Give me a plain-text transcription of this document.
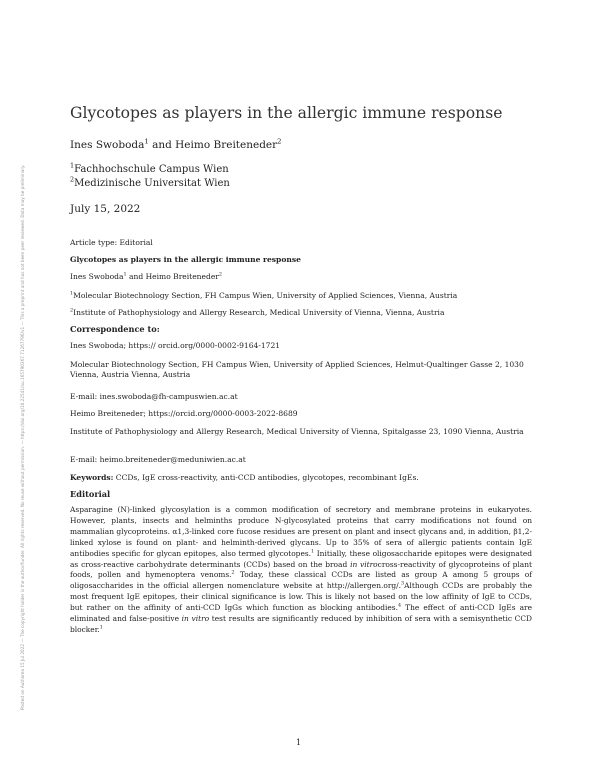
Posted on Authorea 15 Jul 2022 — The copyright holder is the author/funder. All rights reserved. No reuse without permission. — https://doi.org/10.22541/au.165790367.71267796/v1 — This a preprint and has not been peer reviewed. Data may be preliminary.
Glycotopes as players in the allergic immune response
Ines Swoboda$^1$ and Heimo Breiteneder$^2$
$^1$Fachhochschule Campus Wien
$^2$Medizinische Universitat Wien
July 15, 2022
Article type: Editorial
Glycotopes as players in the allergic immune response
Ines Swoboda$^1$ and Heimo Breiteneder$^2$
$^1$Molecular Biotechnology Section, FH Campus Wien, University of Applied Sciences, Vienna, Austria
$^2$Institute of Pathophysiology and Allergy Research, Medical University of Vienna, Vienna, Austria
Correspondence to:
Ines Swoboda; https:// orcid.org/0000-0002-9164-1721
Molecular Biotechnology Section, FH Campus Wien, University of Applied Sciences, Helmut-Qualtinger Gasse 2, 1030 Vienna, Austria Vienna, Austria
E-mail: ines.swoboda@fh-campuswien.ac.at
Heimo Breiteneder; https://orcid.org/0000-0003-2022-8689
Institute of Pathophysiology and Allergy Research, Medical University of Vienna, Spitalgasse 23, 1090 Vienna, Austria
E-mail: heimo.breiteneder@meduniwien.ac.at
Keywords: CCDs, IgE cross-reactivity, anti-CCD antibodies, glycotopes, recombinant IgEs.
Editorial
Asparagine (N)-linked glycosylation is a common modification of secretory and membrane proteins in eukaryotes. However, plants, insects and helminths produce N-glycosylated proteins that carry modifications not found on mammalian glycoproteins. α1,3-linked core fucose residues are present on plant and insect glycans and, in addition, β1,2-linked xylose is found on plant- and helminth-derived glycans. Up to 35% of sera of allergic patients contain IgE antibodies specific for glycan epitopes, also termed glycotopes.$^1$ Initially, these oligosaccharide epitopes were designated as cross-reactive carbohydrate determinants (CCDs) based on the broad in vitrocross-reactivity of glycoproteins of plant foods, pollen and hymenoptera venoms.$^2$ Today, these classical CCDs are listed as group A among 5 groups of oligosaccharides in the official allergen nomenclature website at http://allergen.org/.$^3$Although CCDs are probably the most frequent IgE epitopes, their clinical significance is low. This is likely not based on the low affinity of IgE to CCDs, but rather on the affinity of anti-CCD IgGs which function as blocking antibodies.$^4$ The effect of anti-CCD IgEs are eliminated and false-positive in vitro test results are significantly reduced by inhibition of sera with a semisynthetic CCD blocker.$^1$
1
